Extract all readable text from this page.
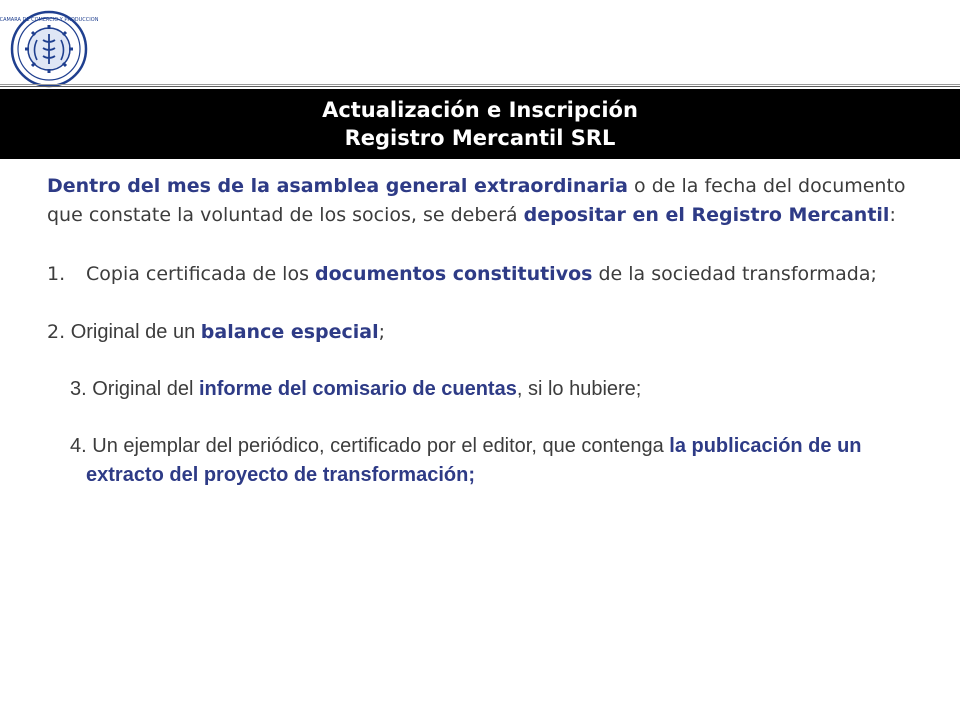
CAMARA DE COMERCIO Y PRODUCCION
Actualización e Inscripción
Registro Mercantil SRL

Dentro del mes de la asamblea general extraordinaria o de la fecha del documento que constate la voluntad de los socios, se deberá depositar en el Registro Mercantil:

1. Copia certificada de los documentos constitutivos de la sociedad transformada;

2. Original de un balance especial;

3. Original del informe del comisario de cuentas, si lo hubiere;

4. Un ejemplar del periódico, certificado por el editor, que contenga la publicación de un extracto del proyecto de transformación;
